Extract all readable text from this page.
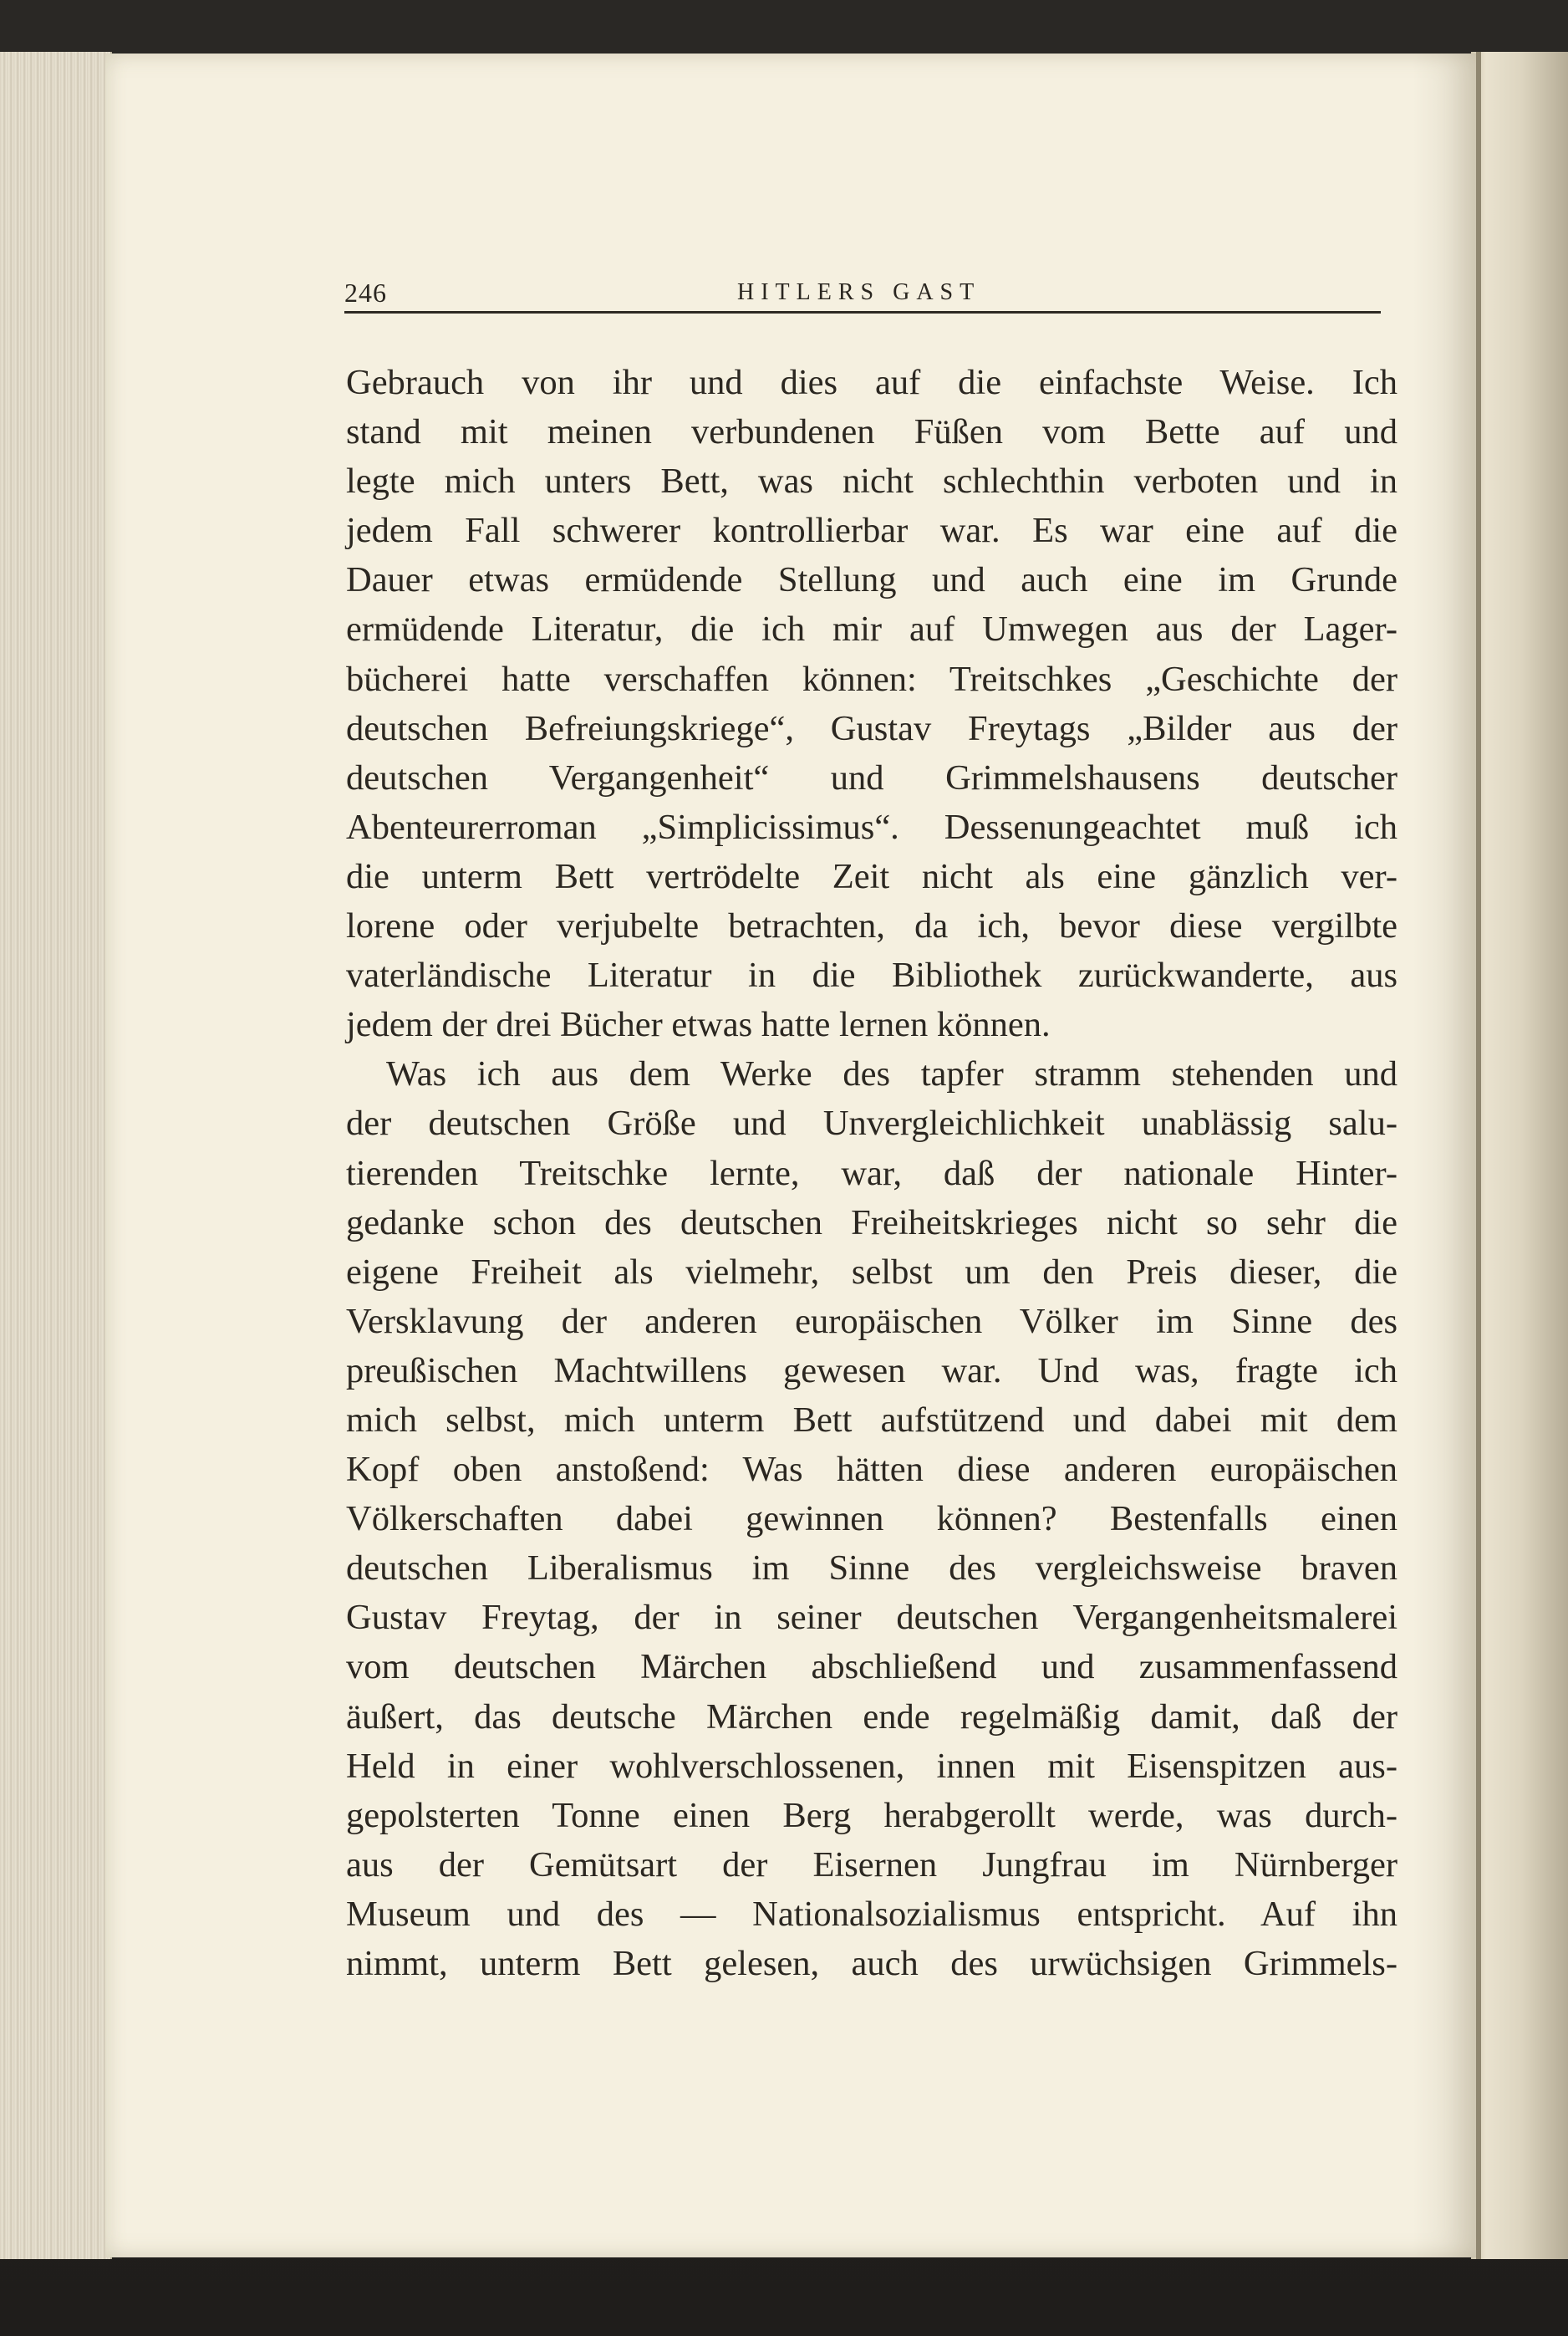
246	HITLERS GAST
Gebrauch von ihr und dies auf die einfachste Weise. Ich
stand mit meinen verbundenen Füßen vom Bette auf und
legte mich unters Bett, was nicht schlechthin verboten und in
jedem Fall schwerer kontrollierbar war. Es war eine auf die
Dauer etwas ermüdende Stellung und auch eine im Grunde
ermüdende Literatur, die ich mir auf Umwegen aus der Lager-
bücherei hatte verschaffen können: Treitschkes „Geschichte der
deutschen Befreiungskriege“, Gustav Freytags „Bilder aus der
deutschen Vergangenheit“ und Grimmelshausens deutscher
Abenteurerroman „Simplicissimus“. Dessenungeachtet muß ich
die unterm Bett vertrödelte Zeit nicht als eine gänzlich ver-
lorene oder verjubelte betrachten, da ich, bevor diese vergilbte
vaterländische Literatur in die Bibliothek zurückwanderte, aus
jedem der drei Bücher etwas hatte lernen können.
Was ich aus dem Werke des tapfer stramm stehenden und
der deutschen Größe und Unvergleichlichkeit unablässig salu-
tierenden Treitschke lernte, war, daß der nationale Hinter-
gedanke schon des deutschen Freiheitskrieges nicht so sehr die
eigene Freiheit als vielmehr, selbst um den Preis dieser, die
Versklavung der anderen europäischen Völker im Sinne des
preußischen Machtwillens gewesen war. Und was, fragte ich
mich selbst, mich unterm Bett aufstützend und dabei mit dem
Kopf oben anstoßend: Was hätten diese anderen europäischen
Völkerschaften dabei gewinnen können? Bestenfalls einen
deutschen Liberalismus im Sinne des vergleichsweise braven
Gustav Freytag, der in seiner deutschen Vergangenheitsmalerei
vom deutschen Märchen abschließend und zusammenfassend
äußert, das deutsche Märchen ende regelmäßig damit, daß der
Held in einer wohlverschlossenen, innen mit Eisenspitzen aus-
gepolsterten Tonne einen Berg herabgerollt werde, was durch-
aus der Gemütsart der Eisernen Jungfrau im Nürnberger
Museum und des — Nationalsozialismus entspricht. Auf ihn
nimmt, unterm Bett gelesen, auch des urwüchsigen Grimmels-
